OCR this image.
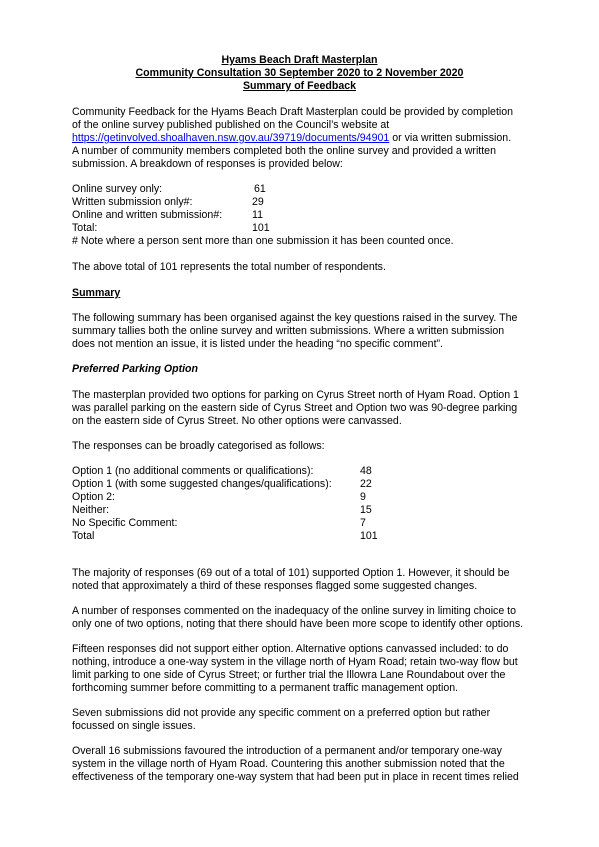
Hyams Beach Draft Masterplan
Community Consultation 30 September 2020 to 2 November 2020
Summary of Feedback
Community Feedback for the Hyams Beach Draft Masterplan could be provided by completion
of the online survey published published on the Council’s website at
https://getinvolved.shoalhaven.nsw.gov.au/39719/documents/94901 or via written submission.
A number of community members completed both the online survey and provided a written
submission. A breakdown of responses is provided below:
Online survey only:	61
Written submission only#:	29
Online and written submission#:	11
Total:	101
# Note where a person sent more than one submission it has been counted once.
The above total of 101 represents the total number of respondents.
Summary
The following summary has been organised against the key questions raised in the survey. The
summary tallies both the online survey and written submissions. Where a written submission
does not mention an issue, it is listed under the heading “no specific comment”.
Preferred Parking Option
The masterplan provided two options for parking on Cyrus Street north of Hyam Road. Option 1
was parallel parking on the eastern side of Cyrus Street and Option two was 90-degree parking
on the eastern side of Cyrus Street. No other options were canvassed.
The responses can be broadly categorised as follows:
Option 1 (no additional comments or qualifications):	48
Option 1 (with some suggested changes/qualifications):	22
Option 2:	9
Neither:	15
No Specific Comment:	7
Total	101
The majority of responses (69 out of a total of 101) supported Option 1. However, it should be
noted that approximately a third of these responses flagged some suggested changes.
A number of responses commented on the inadequacy of the online survey in limiting choice to
only one of two options, noting that there should have been more scope to identify other options.
Fifteen responses did not support either option. Alternative options canvassed included: to do
nothing, introduce a one-way system in the village north of Hyam Road; retain two-way flow but
limit parking to one side of Cyrus Street; or further trial the Illowra Lane Roundabout over the
forthcoming summer before committing to a permanent traffic management option.
Seven submissions did not provide any specific comment on a preferred option but rather
focussed on single issues.
Overall 16 submissions favoured the introduction of a permanent and/or temporary one-way
system in the village north of Hyam Road. Countering this another submission noted that the
effectiveness of the temporary one-way system that had been put in place in recent times relied
